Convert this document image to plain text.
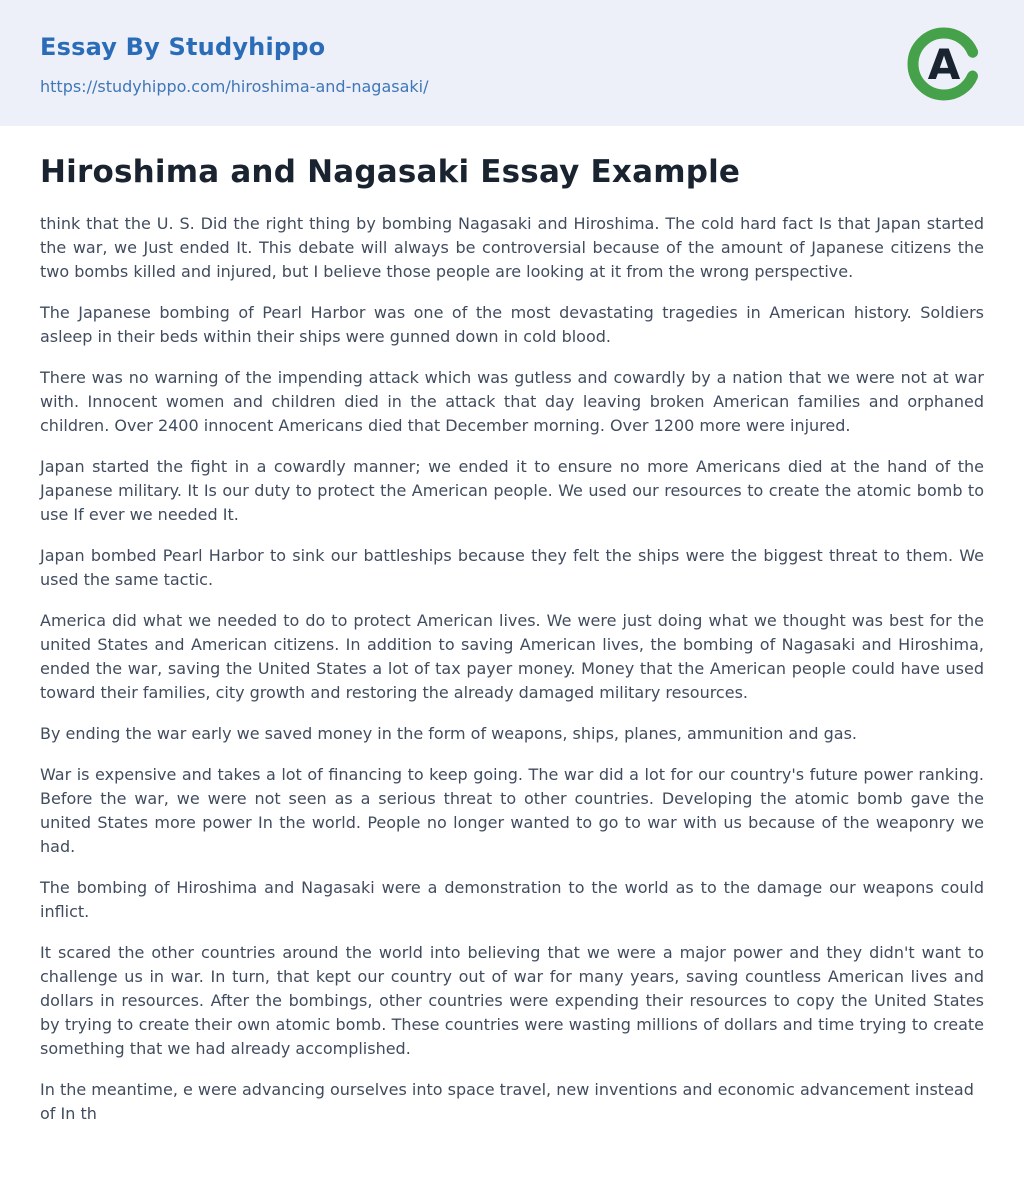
Essay By Studyhippo
https://studyhippo.com/hiroshima-and-nagasaki/	A
Hiroshima and Nagasaki Essay Example

think that the U. S. Did the right thing by bombing Nagasaki and Hiroshima. The cold hard fact Is that Japan started the war, we Just ended It. This debate will always be controversial because of the amount of Japanese citizens the two bombs killed and injured, but I believe those people are looking at it from the wrong perspective.

The Japanese bombing of Pearl Harbor was one of the most devastating tragedies in American history. Soldiers asleep in their beds within their ships were gunned down in cold blood.

There was no warning of the impending attack which was gutless and cowardly by a nation that we were not at war with. Innocent women and children died in the attack that day leaving broken American families and orphaned children. Over 2400 innocent Americans died that December morning. Over 1200 more were injured.

Japan started the fight in a cowardly manner; we ended it to ensure no more Americans died at the hand of the Japanese military. It Is our duty to protect the American people. We used our resources to create the atomic bomb to use If ever we needed It.

Japan bombed Pearl Harbor to sink our battleships because they felt the ships were the biggest threat to them. We used the same tactic.

America did what we needed to do to protect American lives. We were just doing what we thought was best for the united States and American citizens. In addition to saving American lives, the bombing of Nagasaki and Hiroshima, ended the war, saving the United States a lot of tax payer money. Money that the American people could have used toward their families, city growth and restoring the already damaged military resources.

By ending the war early we saved money in the form of weapons, ships, planes, ammunition and gas.

War is expensive and takes a lot of financing to keep going. The war did a lot for our country's future power ranking. Before the war, we were not seen as a serious threat to other countries. Developing the atomic bomb gave the united States more power In the world. People no longer wanted to go to war with us because of the weaponry we had.

The bombing of Hiroshima and Nagasaki were a demonstration to the world as to the damage our weapons could inflict.

It scared the other countries around the world into believing that we were a major power and they didn't want to challenge us in war. In turn, that kept our country out of war for many years, saving countless American lives and dollars in resources. After the bombings, other countries were expending their resources to copy the United States by trying to create their own atomic bomb. These countries were wasting millions of dollars and time trying to create something that we had already accomplished.

In the meantime, e were advancing ourselves into space travel, new inventions and economic advancement instead of In th
